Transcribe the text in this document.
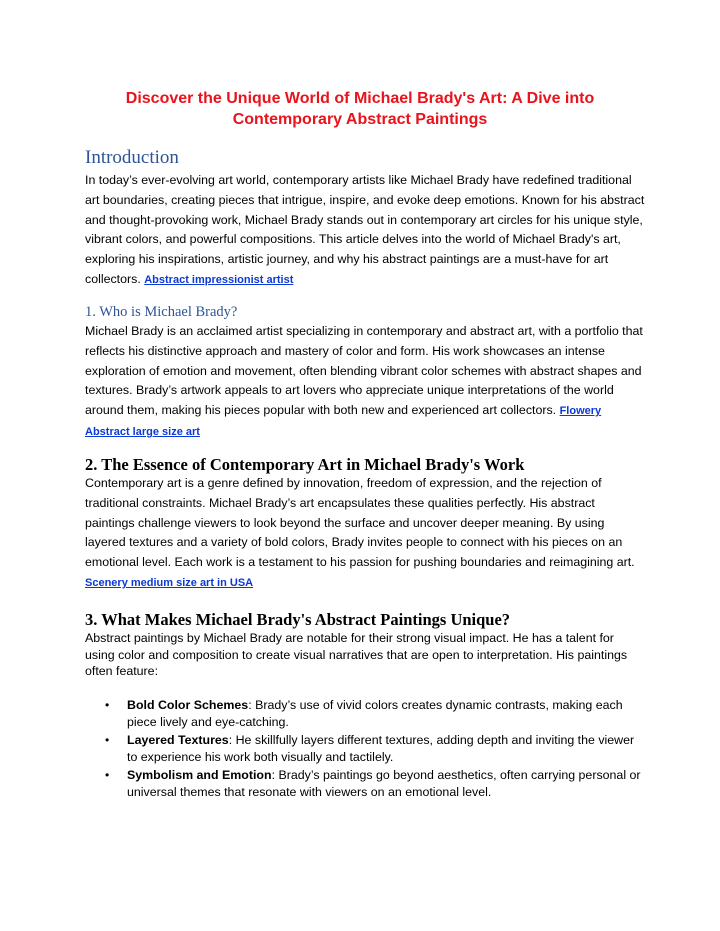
Discover the Unique World of Michael Brady's Art: A Dive into Contemporary Abstract Paintings
Introduction
In today’s ever-evolving art world, contemporary artists like Michael Brady have redefined traditional art boundaries, creating pieces that intrigue, inspire, and evoke deep emotions. Known for his abstract and thought-provoking work, Michael Brady stands out in contemporary art circles for his unique style, vibrant colors, and powerful compositions. This article delves into the world of Michael Brady's art, exploring his inspirations, artistic journey, and why his abstract paintings are a must-have for art collectors. Abstract impressionist artist
1. Who is Michael Brady?
Michael Brady is an acclaimed artist specializing in contemporary and abstract art, with a portfolio that reflects his distinctive approach and mastery of color and form. His work showcases an intense exploration of emotion and movement, often blending vibrant color schemes with abstract shapes and textures. Brady’s artwork appeals to art lovers who appreciate unique interpretations of the world around them, making his pieces popular with both new and experienced art collectors. Flowery Abstract large size art
2. The Essence of Contemporary Art in Michael Brady's Work
Contemporary art is a genre defined by innovation, freedom of expression, and the rejection of traditional constraints. Michael Brady’s art encapsulates these qualities perfectly. His abstract paintings challenge viewers to look beyond the surface and uncover deeper meaning. By using layered textures and a variety of bold colors, Brady invites people to connect with his pieces on an emotional level. Each work is a testament to his passion for pushing boundaries and reimagining art. Scenery medium size art in USA
3. What Makes Michael Brady's Abstract Paintings Unique?
Abstract paintings by Michael Brady are notable for their strong visual impact. He has a talent for using color and composition to create visual narratives that are open to interpretation. His paintings often feature:
• Bold Color Schemes: Brady’s use of vivid colors creates dynamic contrasts, making each piece lively and eye-catching.
• Layered Textures: He skillfully layers different textures, adding depth and inviting the viewer to experience his work both visually and tactilely.
• Symbolism and Emotion: Brady’s paintings go beyond aesthetics, often carrying personal or universal themes that resonate with viewers on an emotional level.
